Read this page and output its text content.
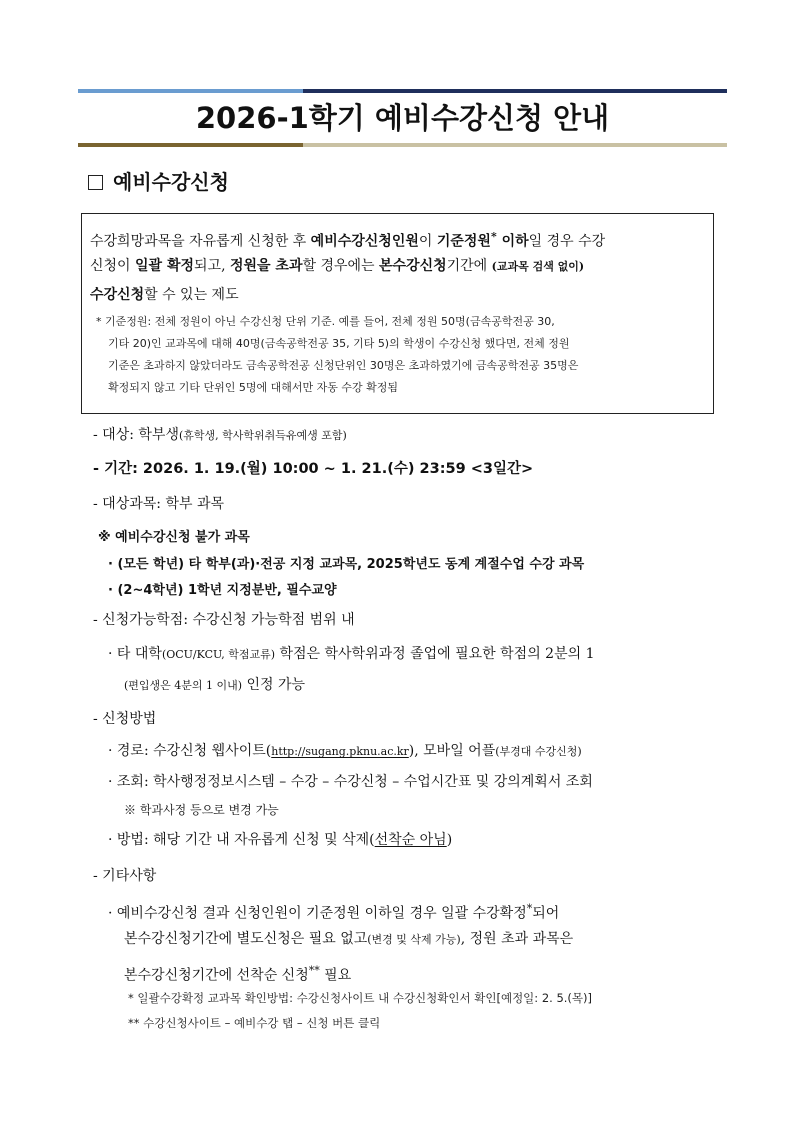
2026-1학기 예비수강신청 안내
예비수강신청
수강희망과목을 자유롭게 신청한 후 예비수강신청인원이 기준정원* 이하일 경우 수강
신청이 일괄 확정되고, 정원을 초과할 경우에는 본수강신청기간에 (교과목 검색 없이)
수강신청할 수 있는 제도
* 기준정원: 전체 정원이 아닌 수강신청 단위 기준. 예를 들어, 전체 정원 50명(금속공학전공 30,
기타 20)인 교과목에 대해 40명(금속공학전공 35, 기타 5)의 학생이 수강신청 했다면, 전체 정원
기준은 초과하지 않았더라도 금속공학전공 신청단위인 30명은 초과하였기에 금속공학전공 35명은
확정되지 않고 기타 단위인 5명에 대해서만 자동 수강 확정됨
- 대상: 학부생(휴학생, 학사학위취득유예생 포함)
- 기간: 2026. 1. 19.(월) 10:00 ~ 1. 21.(수) 23:59 <3일간>
- 대상과목: 학부 과목
※ 예비수강신청 불가 과목
· (모든 학년) 타 학부(과)·전공 지정 교과목, 2025학년도 동계 계절수업 수강 과목
· (2~4학년) 1학년 지정분반, 필수교양
- 신청가능학점: 수강신청 가능학점 범위 내
· 타 대학(OCU/KCU, 학점교류) 학점은 학사학위과정 졸업에 필요한 학점의 2분의 1
(편입생은 4분의 1 이내) 인정 가능
- 신청방법
· 경로: 수강신청 웹사이트(http://sugang.pknu.ac.kr), 모바일 어플(부경대 수강신청)
· 조회: 학사행정정보시스템 – 수강 – 수강신청 – 수업시간표 및 강의계획서 조회
※ 학과사정 등으로 변경 가능
· 방법: 해당 기간 내 자유롭게 신청 및 삭제(선착순 아님)
- 기타사항
· 예비수강신청 결과 신청인원이 기준정원 이하일 경우 일괄 수강확정*되어
본수강신청기간에 별도신청은 필요 없고(변경 및 삭제 가능), 정원 초과 과목은
본수강신청기간에 선착순 신청** 필요
* 일괄수강확정 교과목 확인방법: 수강신청사이트 내 수강신청확인서 확인[예정일: 2. 5.(목)]
** 수강신청사이트 – 예비수강 탭 – 신청 버튼 클릭
